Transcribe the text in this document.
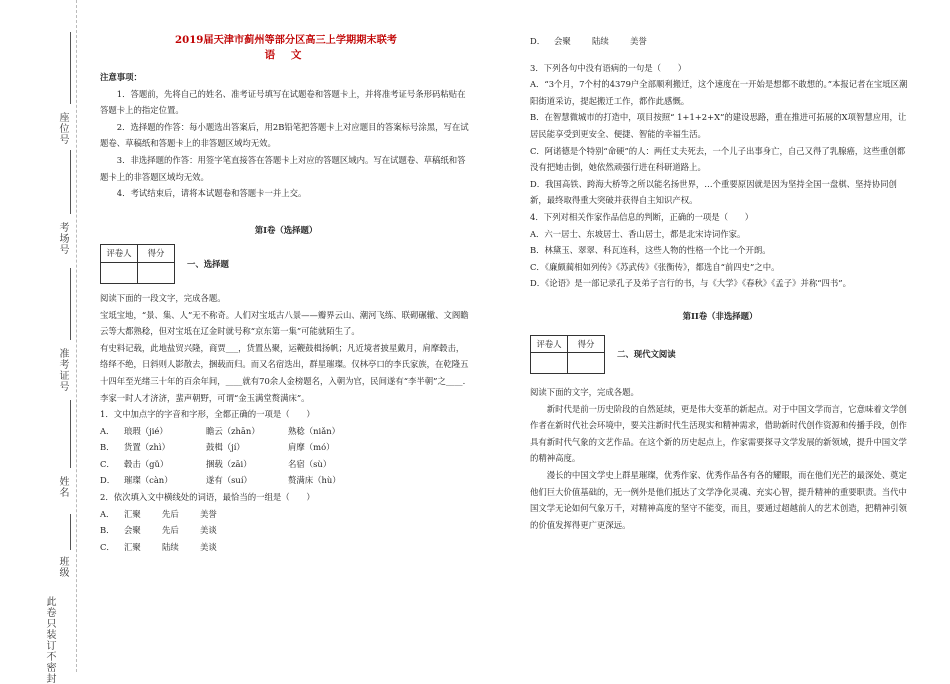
座位号
考场号
准考证号
姓名
班级
此卷只装订不密封

2019届天津市蓟州等部分区高三上学期期末联考

语 文

注意事项：

1．答题前，先将自己的姓名、准考证号填写在试题卷和答题卡上，并将准考证号条形码粘贴在答题卡上的指定位置。

2．选择题的作答：每小题选出答案后，用2B铅笔把答题卡上对应题目的答案标号涂黑，写在试题卷、草稿纸和答题卡上的非答题区域均无效。

3．非选择题的作答：用签字笔直接答在答题卡上对应的答题区域内。写在试题卷、草稿纸和答题卡上的非答题区域均无效。

4．考试结束后，请将本试题卷和答题卡一并上交。

第Ⅰ卷（选择题）

评卷人	得分

一、选择题

阅读下面的一段文字，完成各题。

宝坻宝地，“景、集、人”无不称奇。人们对宝坻古八景——瓣界云山、潮河飞练、联砌碾辙、文阁瞻云等大都熟稔，但对宝坻在辽金时就号称“京东第一集”可能就陌生了。

有史料记载，此地盐贸兴隆，商贾___，货置丛聚，运鞭鼓楫扬帆；凡近境者披星戴月，肩摩毂击，络绎不绝，日斜则人影散去，捆载而归。而又名宿迭出，群星璀璨。仅林亭口的李氏家族，在乾隆五十四年至光绪三十年的百余年间，____就有70余人金榜题名，入朝为官，民间遂有“李半朝”之____. 李家一时人才济济，蜚声朝野，可谓“金玉满堂赘满床”。

1．文中加点字的字音和字形，全都正确的一项是（　　）

A．	琅瑕（jié）	瞻云（zhān）	熟稔（niǎn）
B．	货置（zhì）	鼓楫（jí）	肩摩（mó）
C．	毂击（gǔ）	捆载（zāi）	名宿（sù）
D．	璀璨（càn）	遂有（suí）	赘满床（hù）

2．依次填入文中横线处的词语，最恰当的一组是（　　）

A．	汇聚	先后	美誉
B．	会聚	先后	美谈
C．	汇聚	陆续	美谈
D．	会聚	陆续	美誉

3．下列各句中没有语病的一句是（　　）

A．“3个月，7个村的4379户全部顺利搬迁，这个速度在一开始是想都不敢想的。”本报记者在宝坻区潮阳街道采访，提起搬迁工作，都作此感慨。

B．在智慧微城市的打造中，项目按照“ 1+1+2+X”的建设思路，重在推进可拓展的X项智慧应用，让居民能享受到更安全、便捷、智能的幸福生活。

C．阿诺德是个特别“命硬”的人：两任丈夫死去，一个儿子出事身亡，自己又得了乳腺癌，这些重创都没有把她击倒，她依然顽强行进在科研道路上。

D．我国高铁、跨海大桥等之所以能名扬世界，…个重要原因就是因为坚持全国一盘棋、坚持协同创新，最终取得重大突破并获得自主知识产权。

4．下列对相关作家作品信息的判断，正确的一项是（　　）

A．六一居士、东坡居士、香山居士，都是北宋诗词作家。

B．林黛玉、翠翠、科瓦连科，这些人物的性格一个比一个开朗。

C．《廉颇蔺相如列传》《苏武传》《张衡传》，都选自“前四史”之中。

D．《论语》是一部记录孔子及弟子言行的书，与《大学》《春秋》《孟子》并称“四书”。

第II卷（非选择题）

评卷人	得分

二、现代文阅读

阅读下面的文字，完成各题。

新时代是前一历史阶段的自然延续，更是伟大变革的新起点。对于中国文学而言，它意味着文学创作者在新时代社会环境中，要关注新时代生活现实和精神需求，借助新时代创作资源和传播手段，创作具有新时代气象的文艺作品。在这个新的历史起点上，作家需要探寻文学发展的新领域，提升中国文学的精神高度。

漫长的中国文学史上群星璀璨，优秀作家、优秀作品各有各的耀眼，而在他们光芒的最深处、奠定他们巨大价值基础的，无一例外是他们抵达了文学净化灵魂、充实心智，提升精神的重要职责。当代中国文学无论如何气象万千，对精神高度的坚守不能变，而且，要通过超越前人的艺术创造，把精神引领的价值发挥得更广更深远。
